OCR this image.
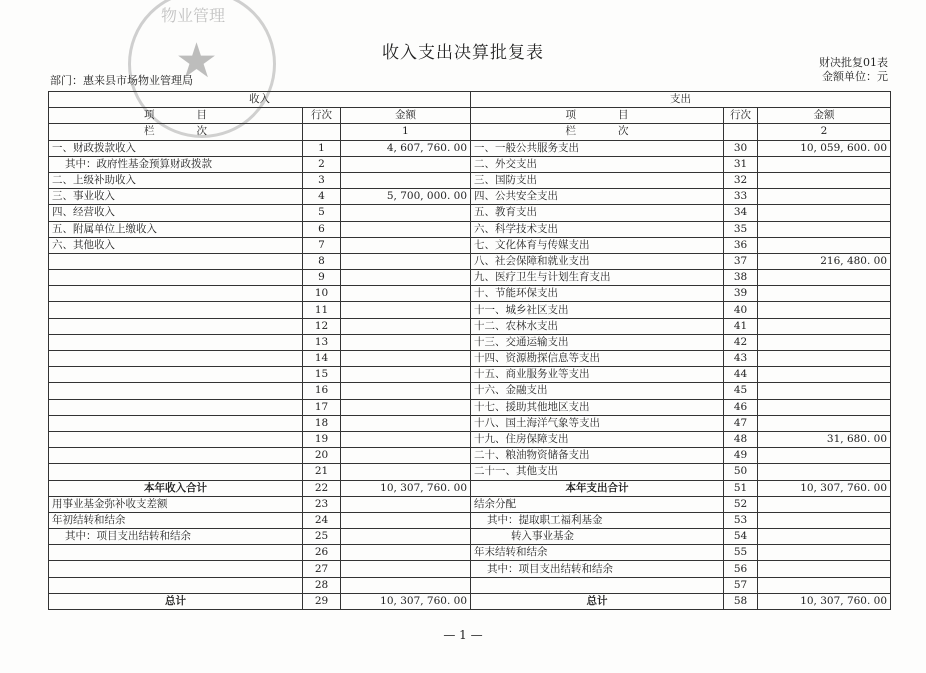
物业管理
★	收入支出决算批复表
部门：惠来县市场物业管理局
财决批复01表
金额单位：元
收入			支出		
项　　　　目	行次	金额	项　　　　目	行次	金额
栏　　　　次		1	栏　　　　次		2
一、财政拨款收入	1	4, 607, 760. 00	一、一般公共服务支出	30	10, 059, 600. 00
其中：政府性基金预算财政拨款	2		二、外交支出	31	
二、上级补助收入	3		三、国防支出	32	
三、事业收入	4	5, 700, 000. 00	四、公共安全支出	33	
四、经营收入	5		五、教育支出	34	
五、附属单位上缴收入	6		六、科学技术支出	35	
六、其他收入	7		七、文化体育与传媒支出	36	
	8		八、社会保障和就业支出	37	216, 480. 00
	9		九、医疗卫生与计划生育支出	38	
	10		十、节能环保支出	39	
	11		十一、城乡社区支出	40	
	12		十二、农林水支出	41	
	13		十三、交通运输支出	42	
	14		十四、资源勘探信息等支出	43	
	15		十五、商业服务业等支出	44	
	16		十六、金融支出	45	
	17		十七、援助其他地区支出	46	
	18		十八、国土海洋气象等支出	47	
	19		十九、住房保障支出	48	31, 680. 00
	20		二十、粮油物资储备支出	49	
	21		二十一、其他支出	50	
本年收入合计	22	10, 307, 760. 00	本年支出合计	51	10, 307, 760. 00
用事业基金弥补收支差额	23		结余分配	52	
年初结转和结余	24		其中：提取职工福利基金	53	
其中：项目支出结转和结余	25		转入事业基金	54	
	26		年末结转和结余	55	
	27		其中：项目支出结转和结余	56	
	28			57	
总计	29	10, 307, 760. 00	总计	58	10, 307, 760. 00
— 1 —
